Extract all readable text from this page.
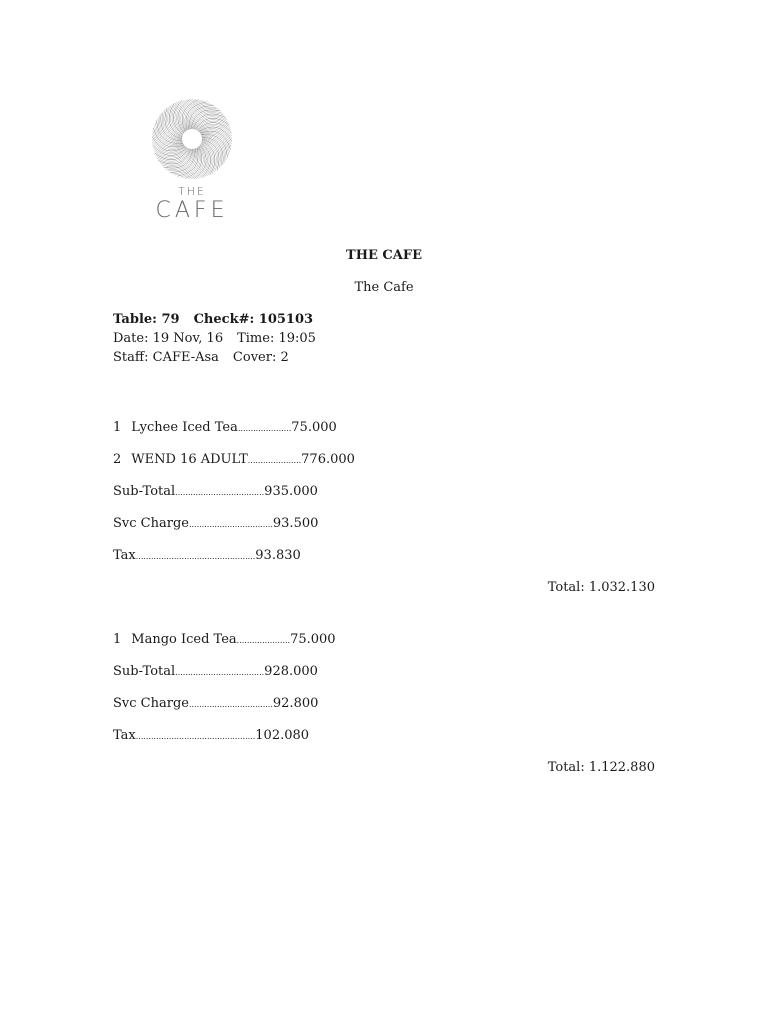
THE
CAFE
THE CAFE
The Cafe
Table: 79 Check#: 105103
Date: 19 Nov, 16 Time: 19:05
Staff: CAFE-Asa Cover: 2
1 Lychee Iced Tea.....................75.000
2 WEND 16 ADULT.....................776.000
Sub-Total...................................935.000
Svc Charge.................................93.500
Tax...............................................93.830
Total: 1.032.130
1 Mango Iced Tea.....................75.000
Sub-Total...................................928.000
Svc Charge.................................92.800
Tax...............................................102.080
Total: 1.122.880
